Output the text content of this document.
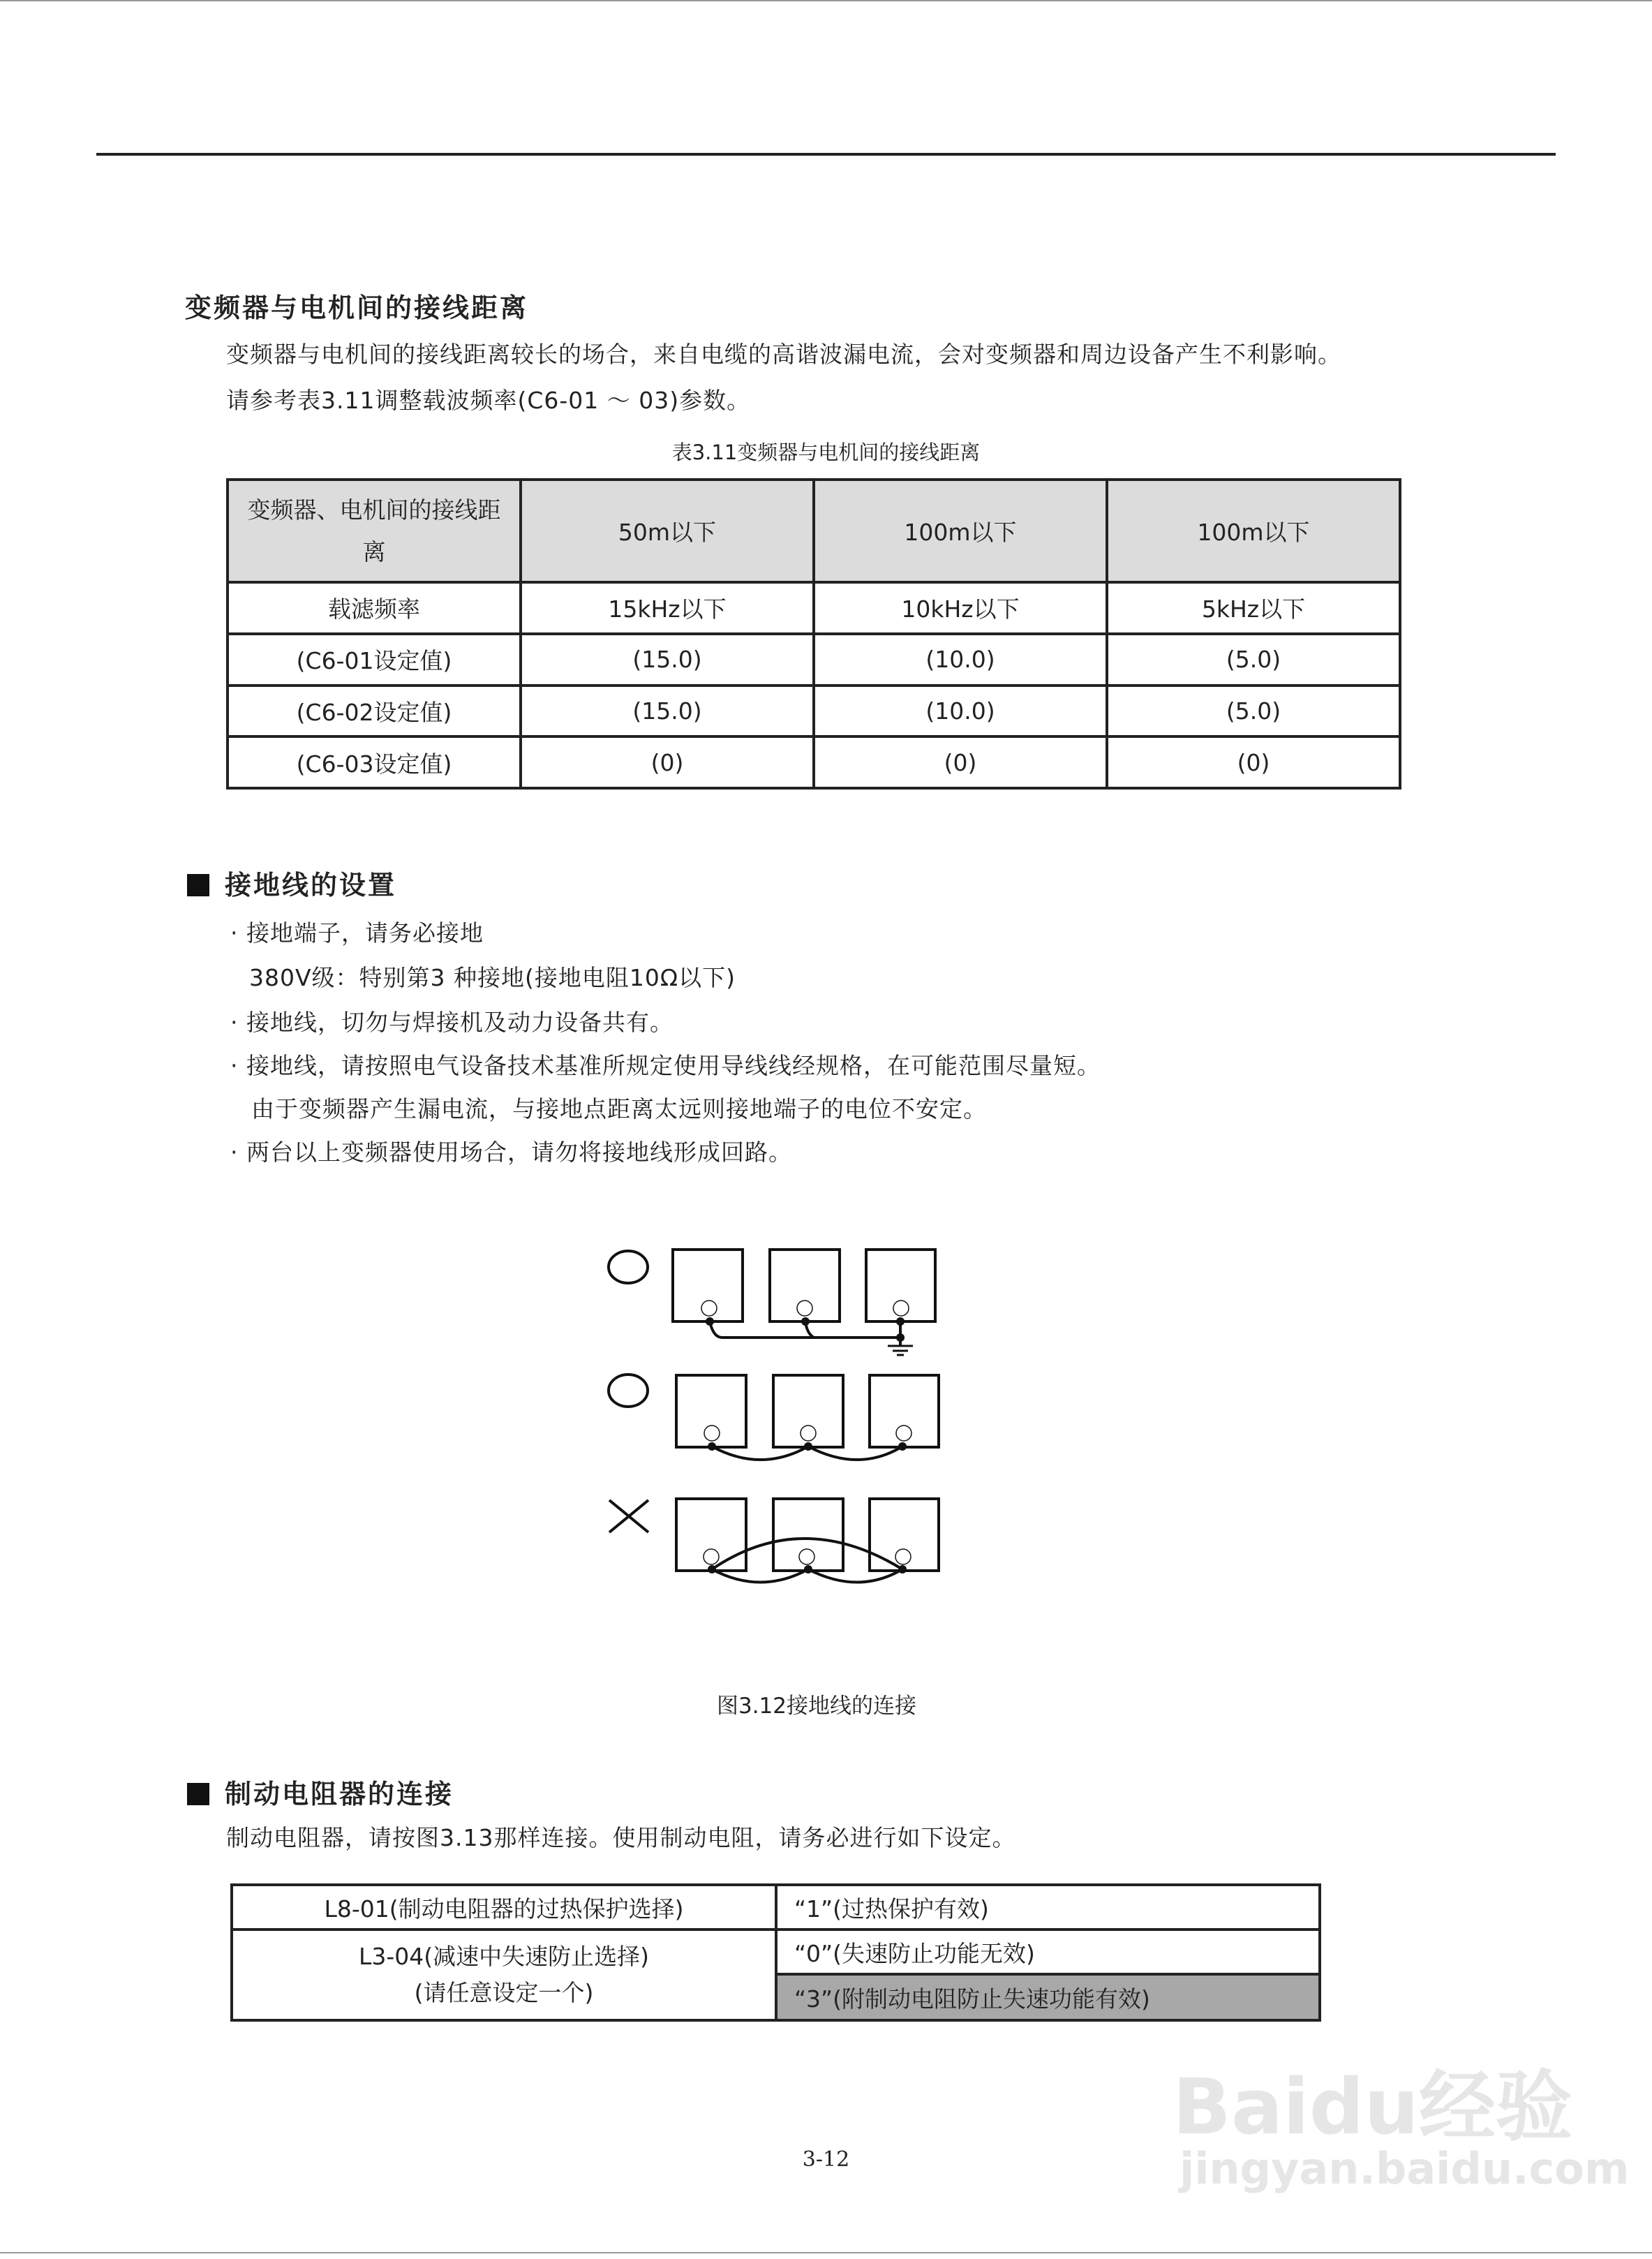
变频器与电机间的接线距离
变频器与电机间的接线距离较长的场合，来自电缆的高谐波漏电流，会对变频器和周边设备产生不利影响。
请参考表3.11调整载波频率(C6-01 ～ 03)参数。
表3.11变频器与电机间的接线距离
变频器、电机间的接线距离	50m以下	100m以下	100m以下
载滤频率	15kHz以下	10kHz以下	5kHz以下
(C6-01设定值)	(15.0)	(10.0)	(5.0)
(C6-02设定值)	(15.0)	(10.0)	(5.0)
(C6-03设定值)	(0)	(0)	(0)
接地线的设置
· 接地端子，请务必接地
380V级：特别第3 种接地(接地电阻10Ω以下)
· 接地线，切勿与焊接机及动力设备共有。
· 接地线，请按照电气设备技术基准所规定使用导线线经规格，在可能范围尽量短。
由于变频器产生漏电流，与接地点距离太远则接地端子的电位不安定。
· 两台以上变频器使用场合，请勿将接地线形成回路。
图3.12接地线的连接
制动电阻器的连接
制动电阻器，请按图3.13那样连接。使用制动电阻，请务必进行如下设定。
L8-01(制动电阻器的过热保护选择)	“1”(过热保护有效)

L3-04(减速中失速防止选择)
(请任意设定一个)	“0”(失速防止功能无效)
	“3”(附制动电阻防止失速功能有效)
3-12
Baidu经验
jingyan.baidu.com
